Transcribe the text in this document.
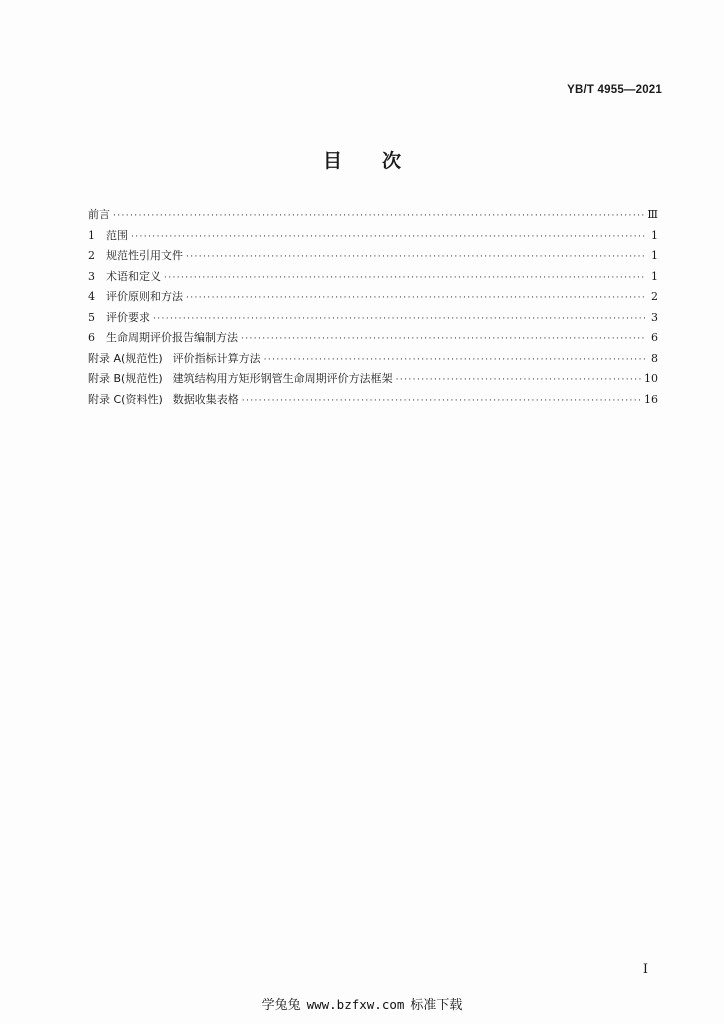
YB/T 4955—2021
目 次
前言 ·····	Ⅲ
1	范围 ·····	1
2	规范性引用文件 ·····	1
3	术语和定义 ·····	1
4	评价原则和方法 ·····	2
5	评价要求 ·····	3
6	生命周期评价报告编制方法 ·····	6
附录 A(规范性) 评价指标计算方法 ·····	8
附录 B(规范性) 建筑结构用方矩形钢管生命周期评价方法框架 ·····	10
附录 C(资料性) 数据收集表格 ·····	16
I
学兔兔 www.bzfxw.com 标准下载
